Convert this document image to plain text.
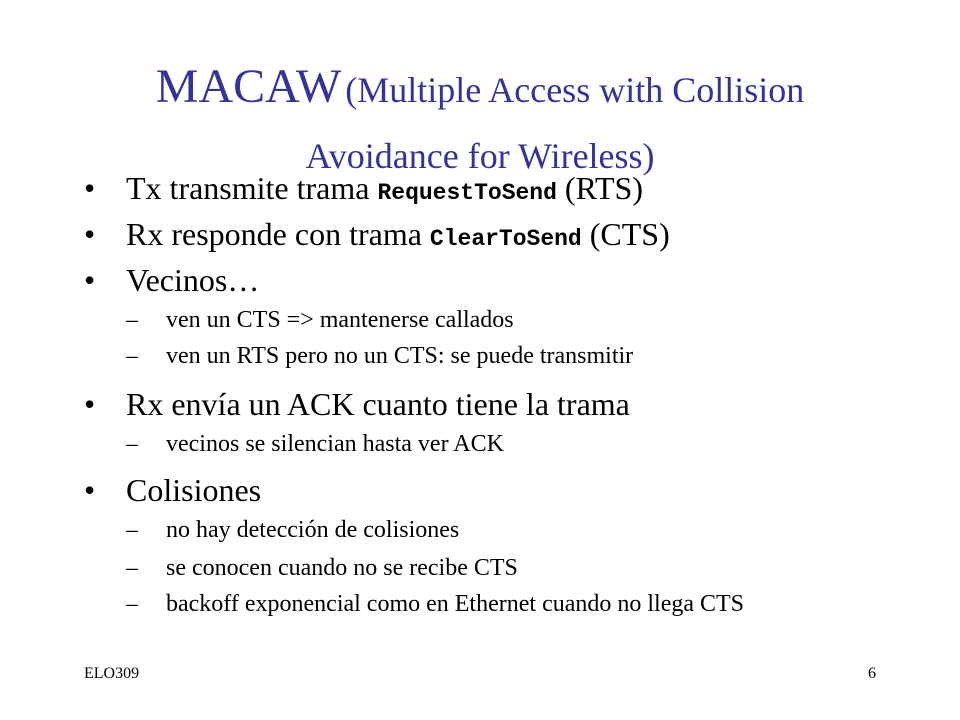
MACAW (Multiple Access with Collision
Avoidance for Wireless)
• Tx transmite trama RequestToSend (RTS)
• Rx responde con trama ClearToSend (CTS)
• Vecinos…
– ven un CTS => mantenerse callados
– ven un RTS pero no un CTS: se puede transmitir
• Rx envía un ACK cuanto tiene la trama
– vecinos se silencian hasta ver ACK
• Colisiones
– no hay detección de colisiones
– se conocen cuando no se recibe CTS
– backoff exponencial como en Ethernet cuando no llega CTS
ELO309	6
